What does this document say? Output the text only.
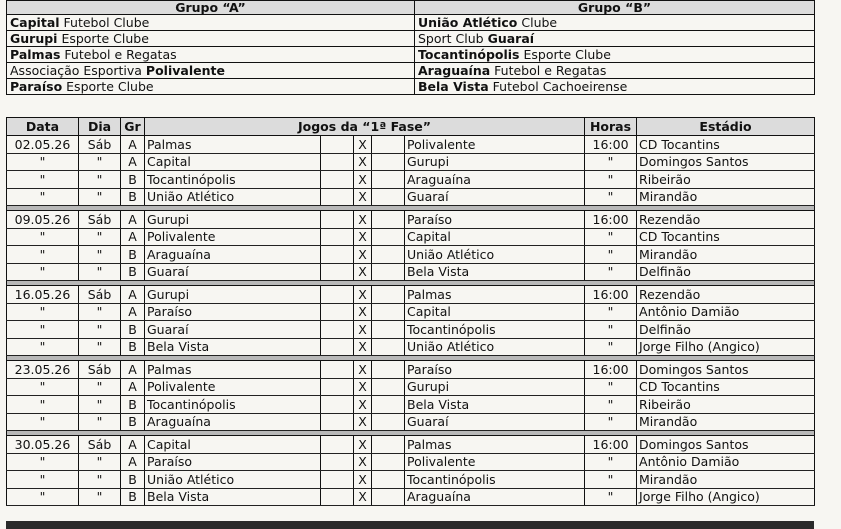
Grupo “A”	Grupo “B”
Capital Futebol Clube	União Atlético Clube
Gurupi Esporte Clube	Sport Club Guaraí
Palmas Futebol e Regatas	Tocantinópolis Esporte Clube
Associação Esportiva Polivalente	Araguaína Futebol e Regatas
Paraíso Esporte Clube	Bela Vista Futebol Cachoeirense
Data	Dia	Gr	Jogos da “1ª Fase”					Horas	Estádio
02.05.26	Sáb	A	Palmas		X		Polivalente	16:00	CD Tocantins
"	"	A	Capital		X		Gurupi	"	Domingos Santos
"	"	B	Tocantinópolis		X		Araguaína	"	Ribeirão
"	"	B	União Atlético		X		Guaraí	"	Mirandão

09.05.26	Sáb	A	Gurupi		X		Paraíso	16:00	Rezendão
"	"	A	Polivalente		X		Capital	"	CD Tocantins
"	"	B	Araguaína		X		União Atlético	"	Mirandão
"	"	B	Guaraí		X		Bela Vista	"	Delfinão

16.05.26	Sáb	A	Gurupi		X		Palmas	16:00	Rezendão
"	"	A	Paraíso		X		Capital	"	Antônio Damião
"	"	B	Guaraí		X		Tocantinópolis	"	Delfinão
"	"	B	Bela Vista		X		União Atlético	"	Jorge Filho (Angico)

23.05.26	Sáb	A	Palmas		X		Paraíso	16:00	Domingos Santos
"	"	A	Polivalente		X		Gurupi	"	CD Tocantins
"	"	B	Tocantinópolis		X		Bela Vista	"	Ribeirão
"	"	B	Araguaína		X		Guaraí	"	Mirandão

30.05.26	Sáb	A	Capital		X		Palmas	16:00	Domingos Santos
"	"	A	Paraíso		X		Polivalente	"	Antônio Damião
"	"	B	União Atlético		X		Tocantinópolis	"	Mirandão
"	"	B	Bela Vista		X		Araguaína	"	Jorge Filho (Angico)
